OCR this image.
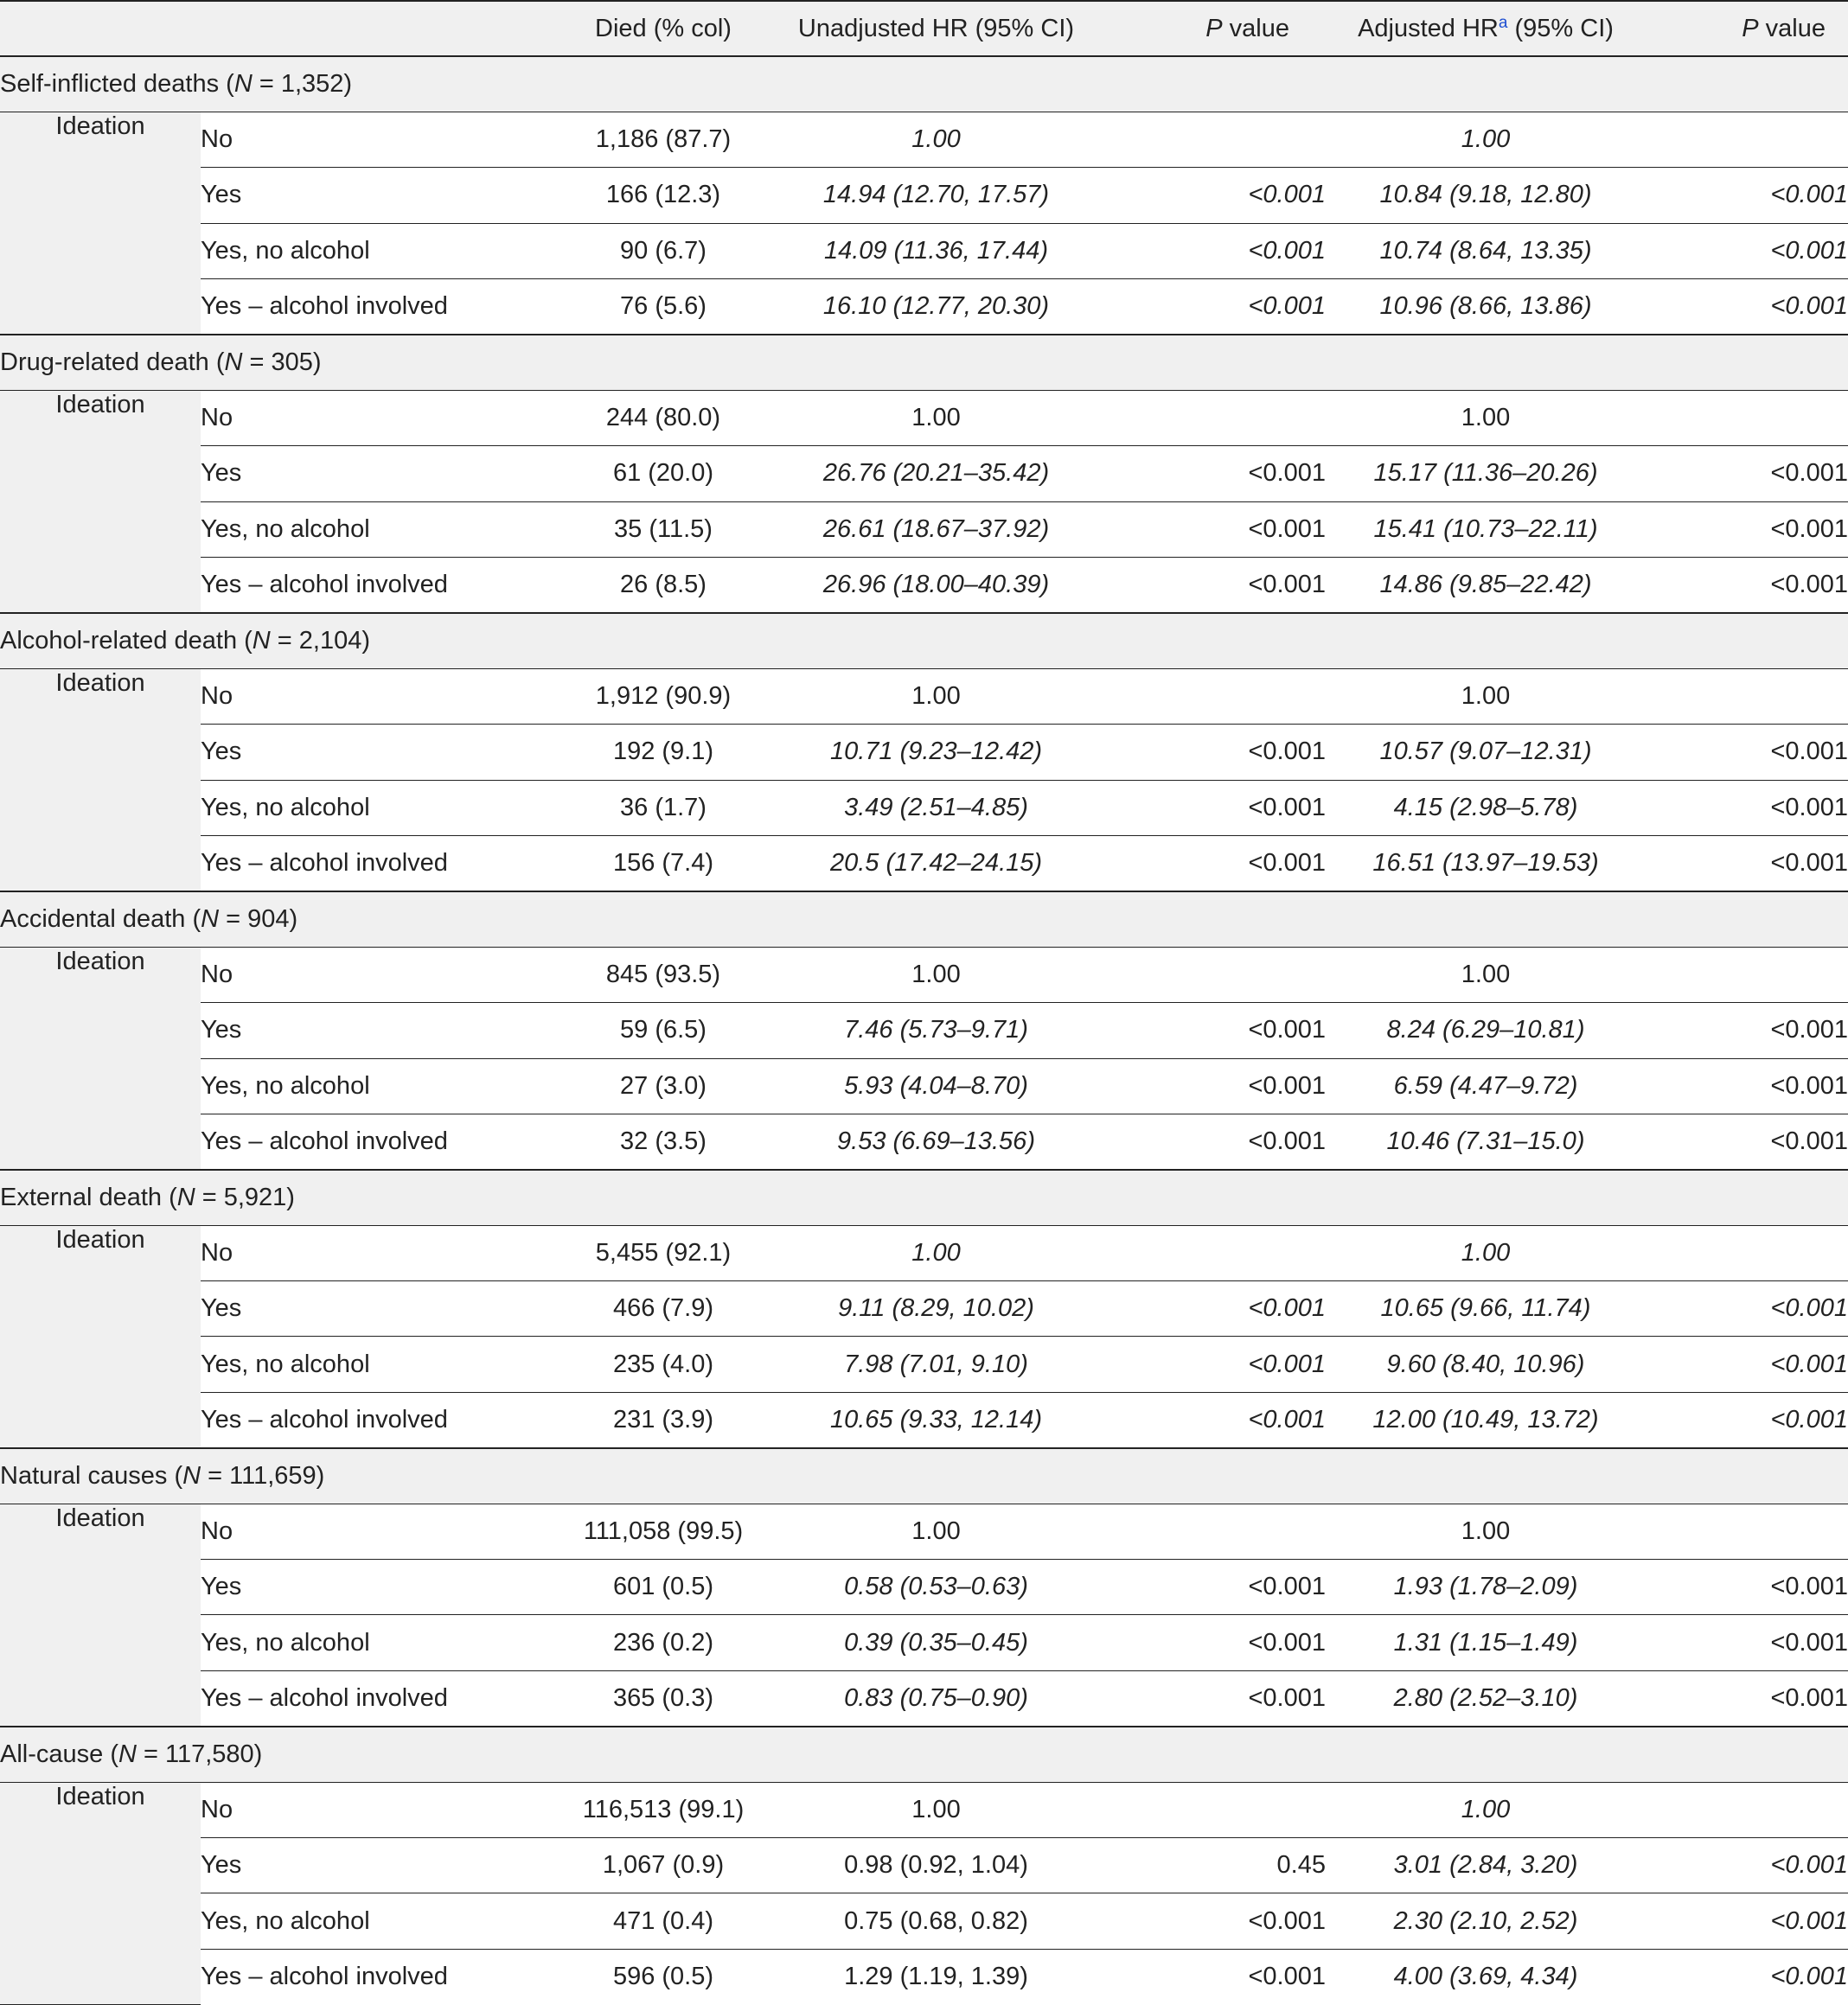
		Died (% col)	Unadjusted HR (95% CI)	P value	Adjusted $HR^a$ (95% CI)	P value
Self-inflicted deaths (N = 1,352)						
Ideation	No	1,186 (87.7)	1.00		1.00	
	Yes	166 (12.3)	14.94 (12.70, 17.57)	<0.001	10.84 (9.18, 12.80)	<0.001
	Yes, no alcohol	90 (6.7)	14.09 (11.36, 17.44)	<0.001	10.74 (8.64, 13.35)	<0.001
	Yes – alcohol involved	76 (5.6)	16.10 (12.77, 20.30)	<0.001	10.96 (8.66, 13.86)	<0.001
Drug-related death (N = 305)						
Ideation	No	244 (80.0)	1.00		1.00	
	Yes	61 (20.0)	26.76 (20.21–35.42)	<0.001	15.17 (11.36–20.26)	<0.001
	Yes, no alcohol	35 (11.5)	26.61 (18.67–37.92)	<0.001	15.41 (10.73–22.11)	<0.001
	Yes – alcohol involved	26 (8.5)	26.96 (18.00–40.39)	<0.001	14.86 (9.85–22.42)	<0.001
Alcohol-related death (N = 2,104)						
Ideation	No	1,912 (90.9)	1.00		1.00	
	Yes	192 (9.1)	10.71 (9.23–12.42)	<0.001	10.57 (9.07–12.31)	<0.001
	Yes, no alcohol	36 (1.7)	3.49 (2.51–4.85)	<0.001	4.15 (2.98–5.78)	<0.001
	Yes – alcohol involved	156 (7.4)	20.5 (17.42–24.15)	<0.001	16.51 (13.97–19.53)	<0.001
Accidental death (N = 904)						
Ideation	No	845 (93.5)	1.00		1.00	
	Yes	59 (6.5)	7.46 (5.73–9.71)	<0.001	8.24 (6.29–10.81)	<0.001
	Yes, no alcohol	27 (3.0)	5.93 (4.04–8.70)	<0.001	6.59 (4.47–9.72)	<0.001
	Yes – alcohol involved	32 (3.5)	9.53 (6.69–13.56)	<0.001	10.46 (7.31–15.0)	<0.001
External death (N = 5,921)						
Ideation	No	5,455 (92.1)	1.00		1.00	
	Yes	466 (7.9)	9.11 (8.29, 10.02)	<0.001	10.65 (9.66, 11.74)	<0.001
	Yes, no alcohol	235 (4.0)	7.98 (7.01, 9.10)	<0.001	9.60 (8.40, 10.96)	<0.001
	Yes – alcohol involved	231 (3.9)	10.65 (9.33, 12.14)	<0.001	12.00 (10.49, 13.72)	<0.001
Natural causes (N = 111,659)						
Ideation	No	111,058 (99.5)	1.00		1.00	
	Yes	601 (0.5)	0.58 (0.53–0.63)	<0.001	1.93 (1.78–2.09)	<0.001
	Yes, no alcohol	236 (0.2)	0.39 (0.35–0.45)	<0.001	1.31 (1.15–1.49)	<0.001
	Yes – alcohol involved	365 (0.3)	0.83 (0.75–0.90)	<0.001	2.80 (2.52–3.10)	<0.001
All-cause (N = 117,580)						
Ideation	No	116,513 (99.1)	1.00		1.00	
	Yes	1,067 (0.9)	0.98 (0.92, 1.04)	0.45	3.01 (2.84, 3.20)	<0.001
	Yes, no alcohol	471 (0.4)	0.75 (0.68, 0.82)	<0.001	2.30 (2.10, 2.52)	<0.001
	Yes – alcohol involved	596 (0.5)	1.29 (1.19, 1.39)	<0.001	4.00 (3.69, 4.34)	<0.001
